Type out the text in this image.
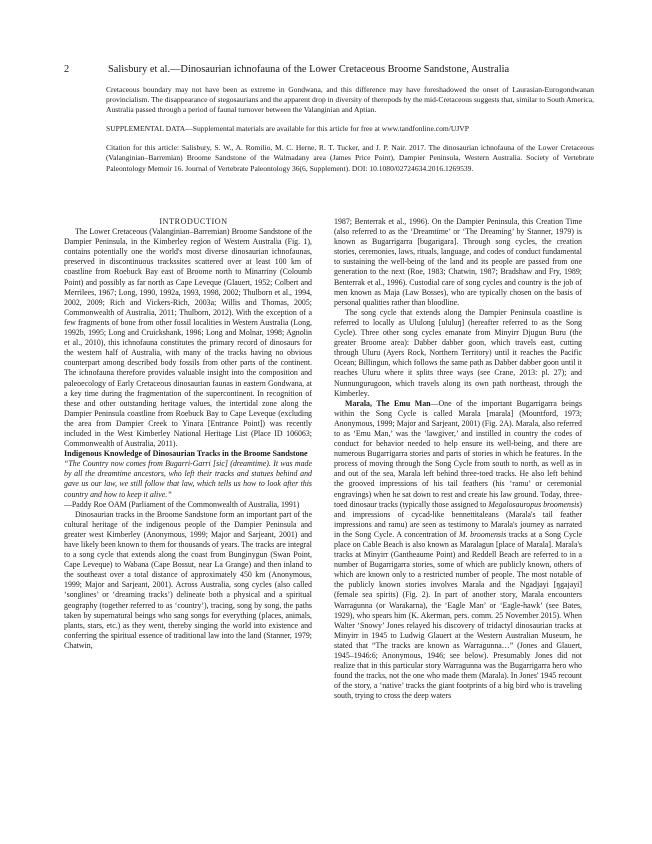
2	Salisbury et al.—Dinosaurian ichnofauna of the Lower Cretaceous Broome Sandstone, Australia

Cretaceous boundary may not have been as extreme in Gondwana, and this difference may have foreshadowed the onset of Laurasian-Eurogondwanan provincialism. The disappearance of stegosaurians and the apparent drop in diversity of theropods by the mid-Cretaceous suggests that, similar to South America, Australia passed through a period of faunal turnover between the Valanginian and Aptian.

SUPPLEMENTAL DATA—Supplemental materials are available for this article for free at www.tandfonline.com/UJVP

Citation for this article: Salisbury, S. W., A. Romilio, M. C. Herne, R. T. Tucker, and J. P. Nair. 2017. The dinosaurian ichnofauna of the Lower Cretaceous (Valanginian–Barremian) Broome Sandstone of the Walmadany area (James Price Point), Dampier Peninsula, Western Australia. Society of Vertebrate Paleontology Memoir 16. Journal of Vertebrate Paleontology 36(6, Supplement). DOI: 10.1080/02724634.2016.1269539.

INTRODUCTION

The Lower Cretaceous (Valanginian–Barremian) Broome Sandstone of the Dampier Peninsula, in the Kimberley region of Western Australia (Fig. 1), contains potentially one the world's most diverse dinosaurian ichnofaunas, preserved in discontinuous trackssites scattered over at least 100 km of coastline from Roebuck Bay east of Broome north to Minarriny (Coloumb Point) and possibly as far north as Cape Leveque (Glauert, 1952; Colbert and Merrilees, 1967; Long, 1990, 1992a, 1993, 1998, 2002; Thulborn et al., 1994, 2002, 2009; Rich and Vickers-Rich, 2003a; Willis and Thomas, 2005; Commonwealth of Australia, 2011; Thulborn, 2012). With the exception of a few fragments of bone from other fossil localities in Western Australia (Long, 1992b, 1995; Long and Cruickshank, 1996; Long and Molnar, 1998; Agnolin et al., 2010), this ichnofauna constitutes the primary record of dinosaurs for the western half of Australia, with many of the tracks having no obvious counterpart among described body fossils from other parts of the continent. The ichnofauna therefore provides valuable insight into the composition and paleoecology of Early Cretaceous dinosaurian faunas in eastern Gondwana, at a key time during the fragmentation of the supercontinent. In recognition of these and other outstanding heritage values, the intertidal zone along the Dampier Peninsula coastline from Roebuck Bay to Cape Leveque (excluding the area from Dampier Creek to Yinara [Entrance Point]) was recently included in the West Kimberley National Heritage List (Place ID 106063; Commonwealth of Australia, 2011).

Indigenous Knowledge of Dinosaurian Tracks in the Broome Sandstone

“The Country now comes from Bugarri-Garri [sic] (dreamtime). It was made by all the dreamtime ancestors, who left their tracks and statues behind and gave us our law, we still follow that law, which tells us how to look after this country and how to keep it alive.”

—Paddy Roe OAM (Parliament of the Commonwealth of Australia, 1991)

Dinosaurian tracks in the Broome Sandstone form an important part of the cultural heritage of the indigenous people of the Dampier Peninsula and greater west Kimberley (Anonymous, 1999; Major and Sarjeant, 2001) and have likely been known to them for thousands of years. The tracks are integral to a song cycle that extends along the coast from Bunginygun (Swan Point, Cape Leveque) to Wabana (Cape Bossut, near La Grange) and then inland to the southeast over a total distance of approximately 450 km (Anonymous, 1999; Major and Sarjeant, 2001). Across Australia, song cycles (also called ‘songlines’ or ‘dreaming tracks’) delineate both a physical and a spiritual geography (together referred to as ‘country’), tracing, song by song, the paths taken by supernatural beings who sang songs for everything (places, animals, plants, stars, etc.) as they went, thereby singing the world into existence and conferring the spiritual essence of traditional law into the land (Stanner, 1979; Chatwin,

1987; Benterrak et al., 1996). On the Dampier Peninsula, this Creation Time (also referred to as the ‘Dreamtime’ or ‘The Dreaming’ by Stanner, 1979) is known as Bugarrigarra [bugarigara]. Through song cycles, the creation stories, ceremonies, laws, rituals, language, and codes of conduct fundamental to sustaining the well-being of the land and its people are passed from one generation to the next (Roe, 1983; Chatwin, 1987; Bradshaw and Fry, 1989; Benterrak et al., 1996). Custodial care of song cycles and country is the job of men known as Maja (Law Bosses), who are typically chosen on the basis of personal qualities rather than bloodline.

The song cycle that extends along the Dampier Peninsula coastline is referred to locally as Ululong [ululuŋ] (hereafter referred to as the Song Cycle). Three other song cycles emanate from Minyirr Djugun Buru (the greater Broome area): Dabber dabber goon, which travels east, cutting through Uluru (Ayers Rock, Northern Territory) until it reaches the Pacific Ocean; Billingun, which follows the same path as Dabber dabber goon until it reaches Uluru where it splits three ways (see Crane, 2013: pl. 27); and Nunnungurugoon, which travels along its own path northeast, through the Kimberley.

Marala, The Emu Man—One of the important Bugarrigarra beings within the Song Cycle is called Marala [marala] (Mountford, 1973; Anonymous, 1999; Major and Sarjeant, 2001) (Fig. 2A). Marala, also referred to as ‘Emu Man,’ was the ‘lawgiver,’ and instilled in country the codes of conduct for behavior needed to help ensure its well-being, and there are numerous Bugarrigarra stories and parts of stories in which he features. In the process of moving through the Song Cycle from south to north, as well as in and out of the sea, Marala left behind three-toed tracks. He also left behind the grooved impressions of his tail feathers (his ‘ramu’ or ceremonial engravings) when he sat down to rest and create his law ground. Today, three-toed dinosaur tracks (typically those assigned to Megalosauropus broomensis) and impressions of cycad-like bennettitaleans (Marala's tail feather impressions and ramu) are seen as testimony to Marala's journey as narrated in the Song Cycle. A concentration of M. broomensis tracks at a Song Cycle place on Cable Beach is also known as Maralagun [place of Marala]. Marala's tracks at Minyirr (Gantheaume Point) and Reddell Beach are referred to in a number of Bugarrigarra stories, some of which are publicly known, others of which are known only to a restricted number of people. The most notable of the publicly known stories involves Marala and the Ngadjayi [ŋgajayi] (female sea spirits) (Fig. 2). In part of another story, Marala encounters Warragunna (or Warakarna), the ‘Eagle Man’ or ‘Eagle-hawk’ (see Bates, 1929), who spears him (K. Akerman, pers. comm. 25 November 2015). When Walter ‘Snowy’ Jones relayed his discovery of tridactyl dinosaurian tracks at Minyirr in 1945 to Ludwig Glauert at the Western Australian Museum, he stated that “The tracks are known as Warragunna…” (Jones and Glauert, 1945–1946:6; Anonymous, 1946; see below). Presumably Jones did not realize that in this particular story Warragunna was the Bugarrigarra hero who found the tracks, not the one who made them (Marala). In Jones' 1945 recount of the story, a ‘native’ tracks the giant footprints of a big bird who is traveling south, trying to cross the deep waters
